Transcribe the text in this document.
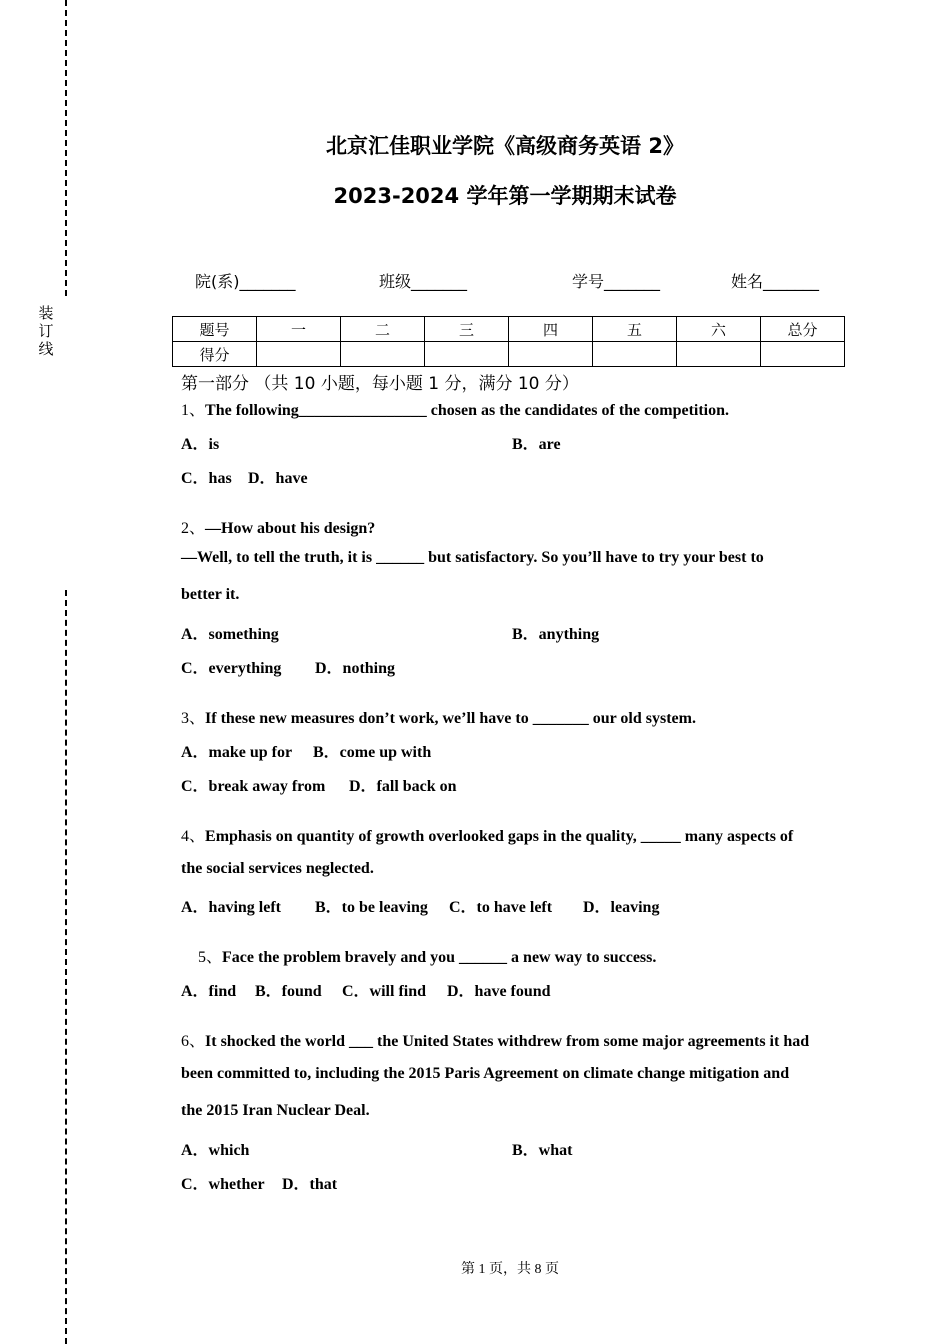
装
订
线
北京汇佳职业学院《高级商务英语 2》
2023-2024 学年第一学期期末试卷
院(系)_______	班级_______	学号_______	姓名_______
题号	一	二	三	四	五	六	总分
得分							
第一部分 （共 10 小题，每小题 1 分，满分 10 分）
1、The following________________ chosen as the candidates of the competition.
A．is	B．are
C．has D．have
2、—How about his design?
—Well, to tell the truth, it is ______ but satisfactory. So you’ll have to try your best to
better it.
A．something	B．anything
C．everything D．nothing
3、If these new measures don’t work, we’ll have to _______ our old system.
A．make up for B．come up with
C．break away from D．fall back on
4、Emphasis on quantity of growth overlooked gaps in the quality, _____ many aspects of
the social services neglected.
A．having left B．to be leaving C．to have left D．leaving
5、Face the problem bravely and you ______ a new way to success.
A．find B．found C．will find D．have found
6、It shocked the world ___ the United States withdrew from some major agreements it had
been committed to, including the 2015 Paris Agreement on climate change mitigation and
the 2015 Iran Nuclear Deal.
A．which	B．what
C．whether D．that
第 1 页，共 8 页
